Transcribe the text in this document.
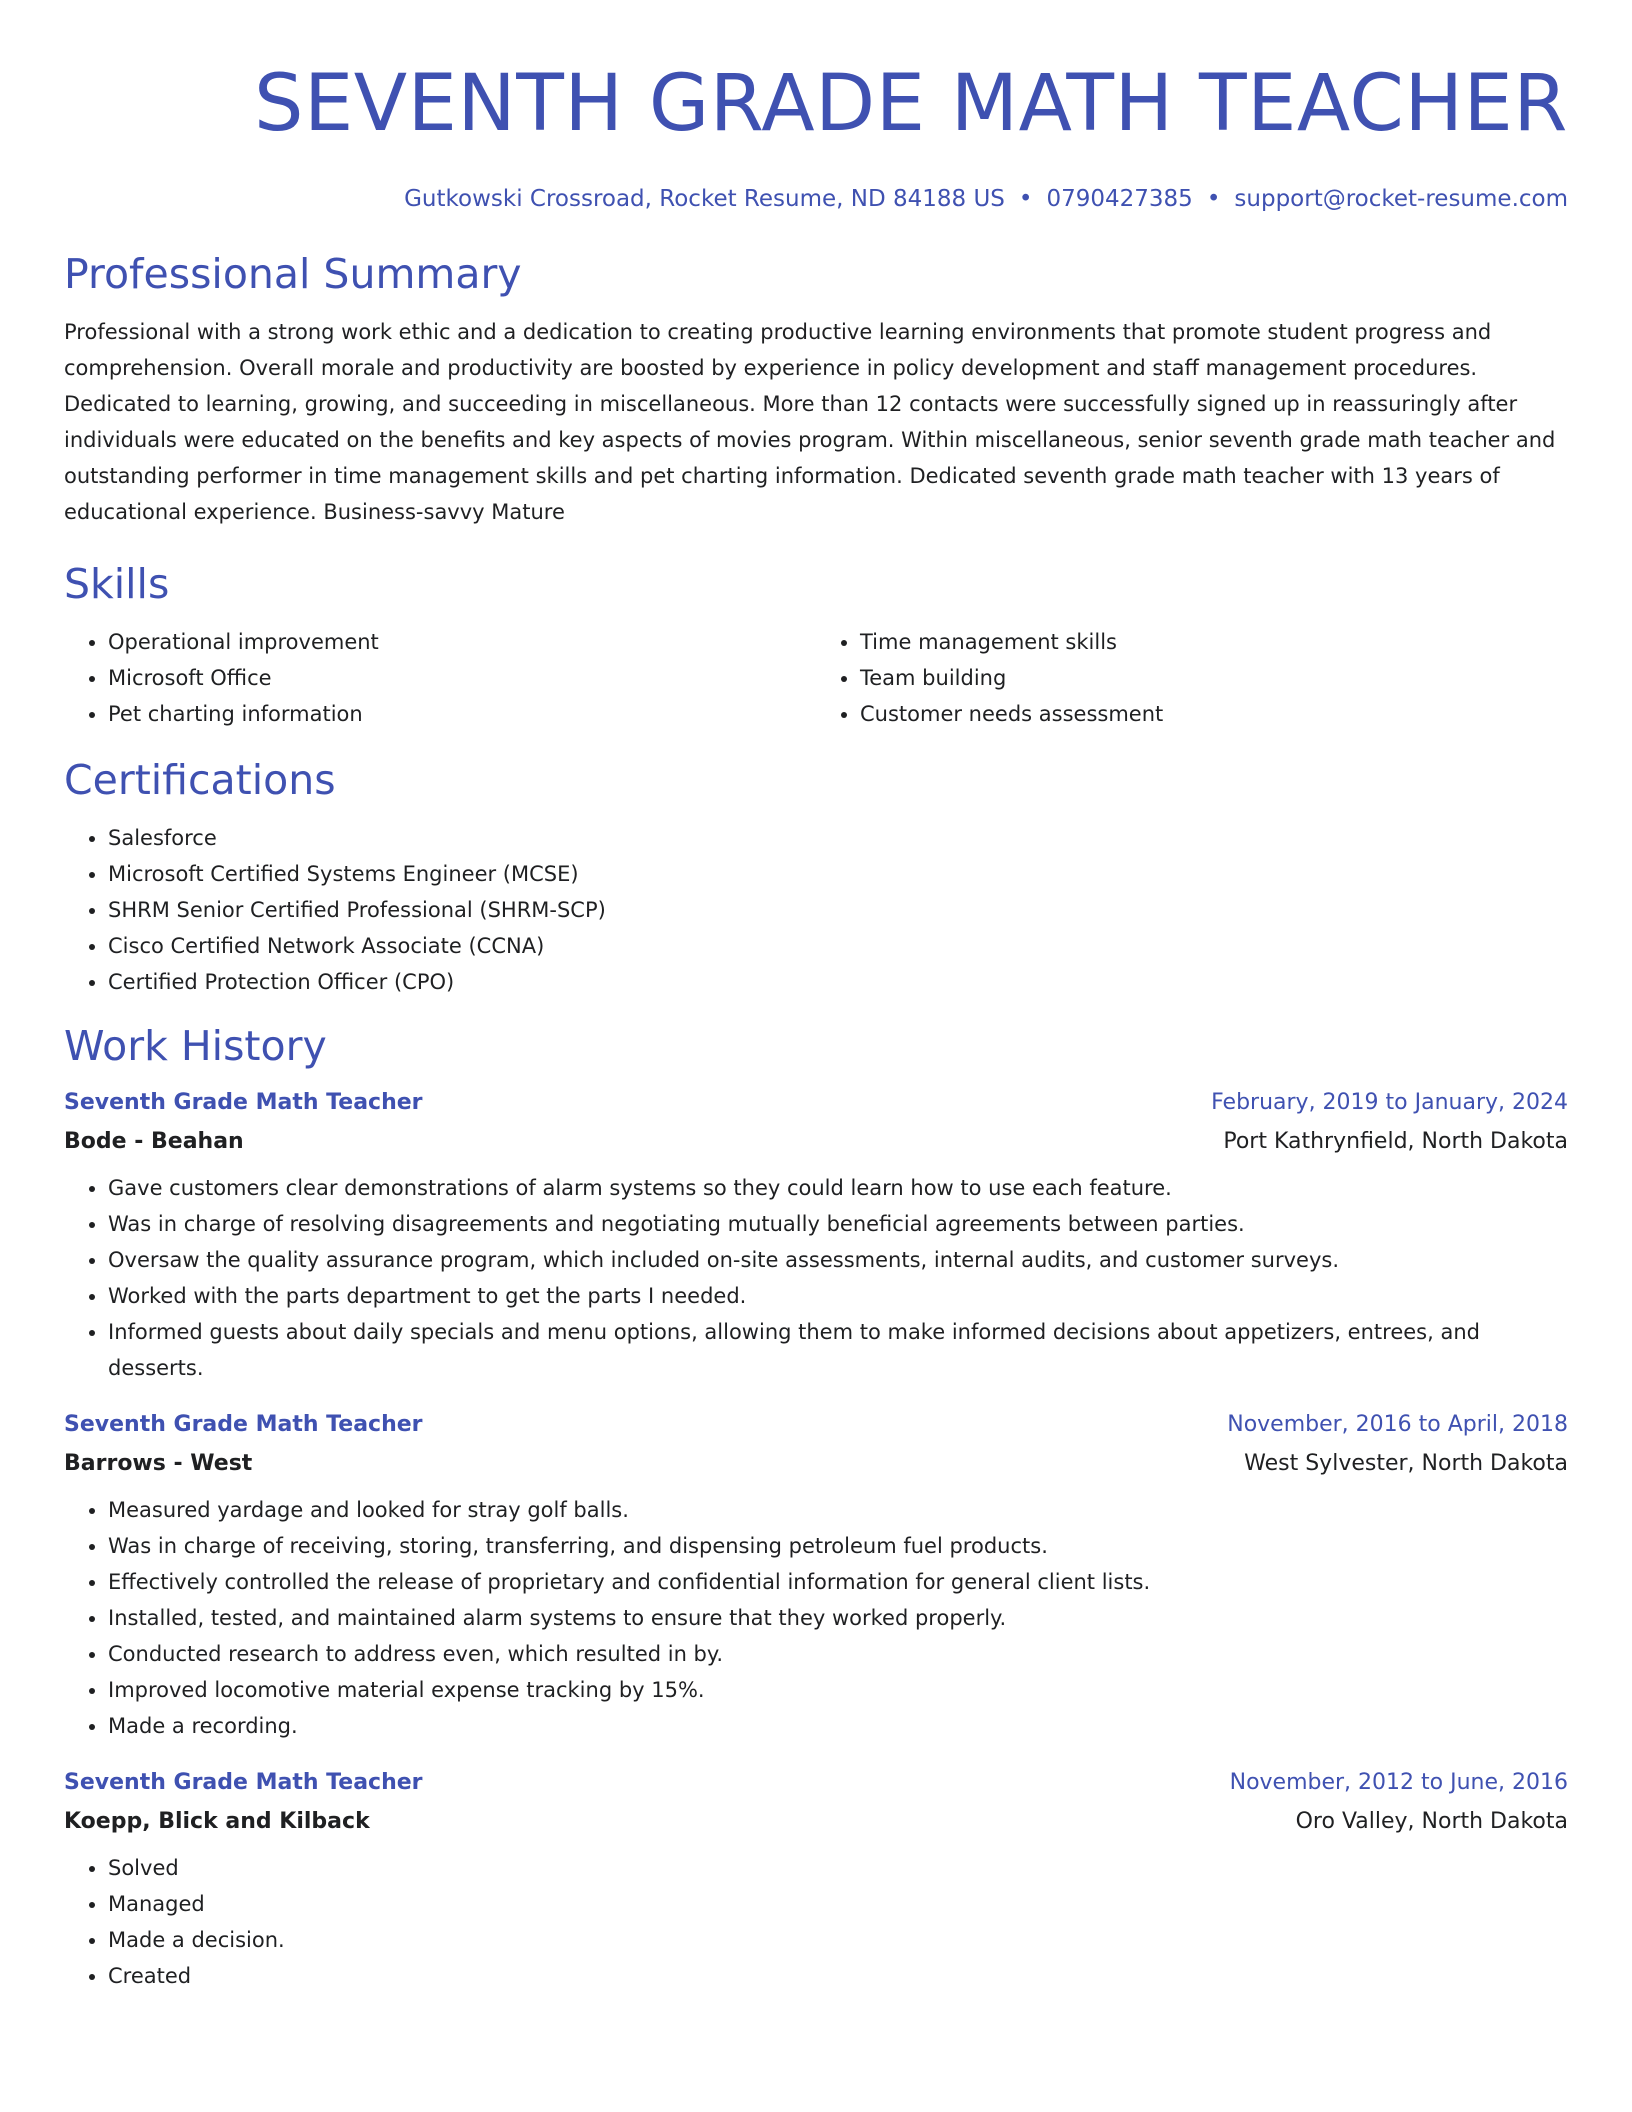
SEVENTH GRADE MATH TEACHER
Gutkowski Crossroad, Rocket Resume, ND 84188 US • 0790427385 • support@rocket-resume.com
Professional Summary
Professional with a strong work ethic and a dedication to creating productive learning environments that promote student progress and comprehension. Overall morale and productivity are boosted by experience in policy development and staff management procedures. Dedicated to learning, growing, and succeeding in miscellaneous. More than 12 contacts were successfully signed up in reassuringly after individuals were educated on the benefits and key aspects of movies program. Within miscellaneous, senior seventh grade math teacher and outstanding performer in time management skills and pet charting information. Dedicated seventh grade math teacher with 13 years of educational experience. Business-savvy Mature
Skills
• Operational improvement
• Microsoft Office
• Pet charting information
• Time management skills
• Team building
• Customer needs assessment
Certifications
• Salesforce
• Microsoft Certified Systems Engineer (MCSE)
• SHRM Senior Certified Professional (SHRM-SCP)
• Cisco Certified Network Associate (CCNA)
• Certified Protection Officer (CPO)
Work History
Seventh Grade Math Teacher	February, 2019 to January, 2024
Bode - Beahan	Port Kathrynfield, North Dakota
• Gave customers clear demonstrations of alarm systems so they could learn how to use each feature.
• Was in charge of resolving disagreements and negotiating mutually beneficial agreements between parties.
• Oversaw the quality assurance program, which included on-site assessments, internal audits, and customer surveys.
• Worked with the parts department to get the parts I needed.
• Informed guests about daily specials and menu options, allowing them to make informed decisions about appetizers, entrees, and desserts.
Seventh Grade Math Teacher	November, 2016 to April, 2018
Barrows - West	West Sylvester, North Dakota
• Measured yardage and looked for stray golf balls.
• Was in charge of receiving, storing, transferring, and dispensing petroleum fuel products.
• Effectively controlled the release of proprietary and confidential information for general client lists.
• Installed, tested, and maintained alarm systems to ensure that they worked properly.
• Conducted research to address even, which resulted in by.
• Improved locomotive material expense tracking by 15%.
• Made a recording.
Seventh Grade Math Teacher	November, 2012 to June, 2016
Koepp, Blick and Kilback	Oro Valley, North Dakota
• Solved
• Managed
• Made a decision.
• Created
